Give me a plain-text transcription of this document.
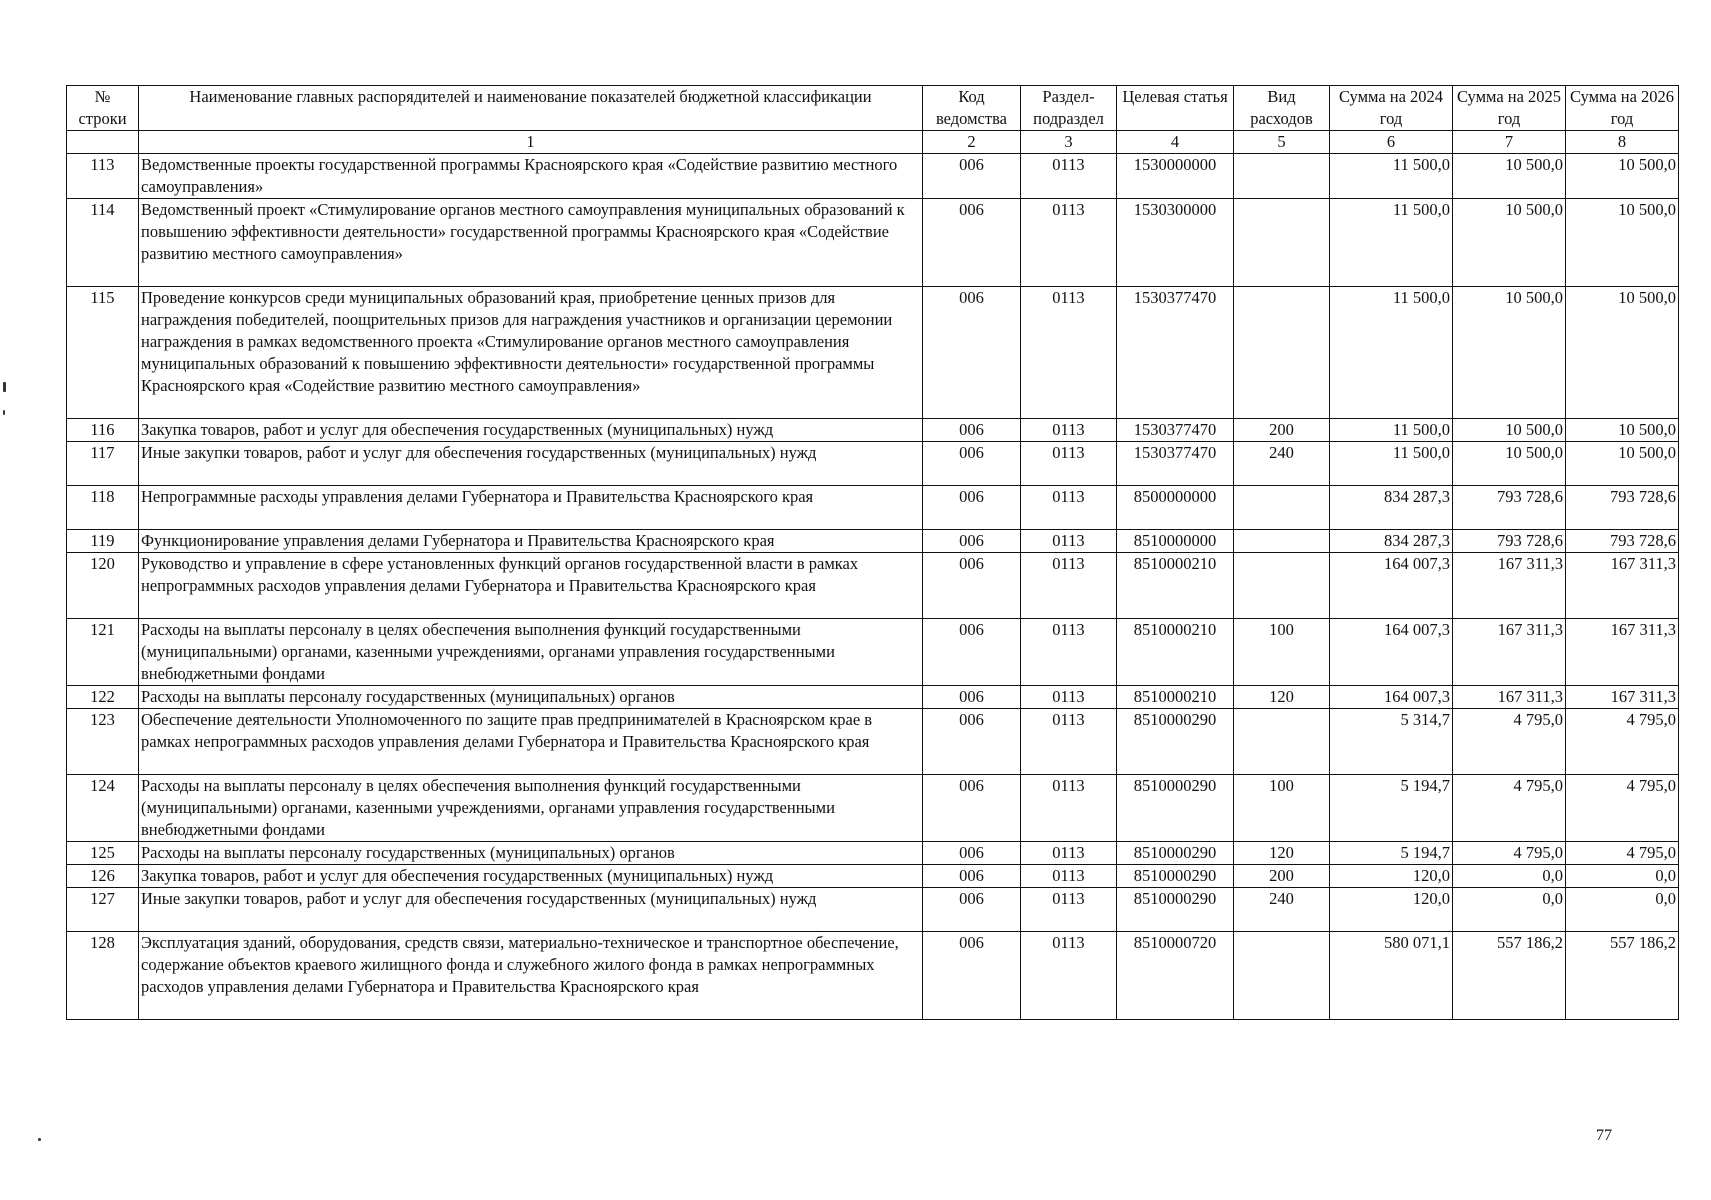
№ строки	Наименование главных распорядителей и наименование показателей бюджетной классификации	Код ведомства	Раздел-подраздел	Целевая статья	Вид расходов	Сумма на 2024 год	Сумма на 2025 год	Сумма на 2026 год
	1	2	3	4	5	6	7	8
113	Ведомственные проекты государственной программы Красноярского края «Содействие развитию местного самоуправления»	006	0113	1530000000		11 500,0	10 500,0	10 500,0
114	Ведомственный проект «Стимулирование органов местного самоуправления муниципальных образований к повышению эффективности деятельности» государственной программы Красноярского края «Содействие развитию местного самоуправления»	006	0113	1530300000		11 500,0	10 500,0	10 500,0
115	Проведение конкурсов среди муниципальных образований края, приобретение ценных призов для награждения победителей, поощрительных призов для награждения участников и организации церемонии награждения в рамках ведомственного проекта «Стимулирование органов местного самоуправления муниципальных образований к повышению эффективности деятельности» государственной программы Красноярского края «Содействие развитию местного самоуправления»	006	0113	1530377470		11 500,0	10 500,0	10 500,0
116	Закупка товаров, работ и услуг для обеспечения государственных (муниципальных) нужд	006	0113	1530377470	200	11 500,0	10 500,0	10 500,0
117	Иные закупки товаров, работ и услуг для обеспечения государственных (муниципальных) нужд	006	0113	1530377470	240	11 500,0	10 500,0	10 500,0
118	Непрограммные расходы управления делами Губернатора и Правительства Красноярского края	006	0113	8500000000		834 287,3	793 728,6	793 728,6
119	Функционирование управления делами Губернатора и Правительства Красноярского края	006	0113	8510000000		834 287,3	793 728,6	793 728,6
120	Руководство и управление в сфере установленных функций органов государственной власти в рамках непрограммных расходов управления делами Губернатора и Правительства Красноярского края	006	0113	8510000210		164 007,3	167 311,3	167 311,3
121	Расходы на выплаты персоналу в целях обеспечения выполнения функций государственными (муниципальными) органами, казенными учреждениями, органами управления государственными внебюджетными фондами	006	0113	8510000210	100	164 007,3	167 311,3	167 311,3
122	Расходы на выплаты персоналу государственных (муниципальных) органов	006	0113	8510000210	120	164 007,3	167 311,3	167 311,3
123	Обеспечение деятельности Уполномоченного по защите прав предпринимателей в Красноярском крае в рамках непрограммных расходов управления делами Губернатора и Правительства Красноярского края	006	0113	8510000290		5 314,7	4 795,0	4 795,0
124	Расходы на выплаты персоналу в целях обеспечения выполнения функций государственными (муниципальными) органами, казенными учреждениями, органами управления государственными внебюджетными фондами	006	0113	8510000290	100	5 194,7	4 795,0	4 795,0
125	Расходы на выплаты персоналу государственных (муниципальных) органов	006	0113	8510000290	120	5 194,7	4 795,0	4 795,0
126	Закупка товаров, работ и услуг для обеспечения государственных (муниципальных) нужд	006	0113	8510000290	200	120,0	0,0	0,0
127	Иные закупки товаров, работ и услуг для обеспечения государственных (муниципальных) нужд	006	0113	8510000290	240	120,0	0,0	0,0
128	Эксплуатация зданий, оборудования, средств связи, материально-техническое и транспортное обеспечение, содержание объектов краевого жилищного фонда и служебного жилого фонда в рамках непрограммных расходов управления делами Губернатора и Правительства Красноярского края	006	0113	8510000720		580 071,1	557 186,2	557 186,2
77
